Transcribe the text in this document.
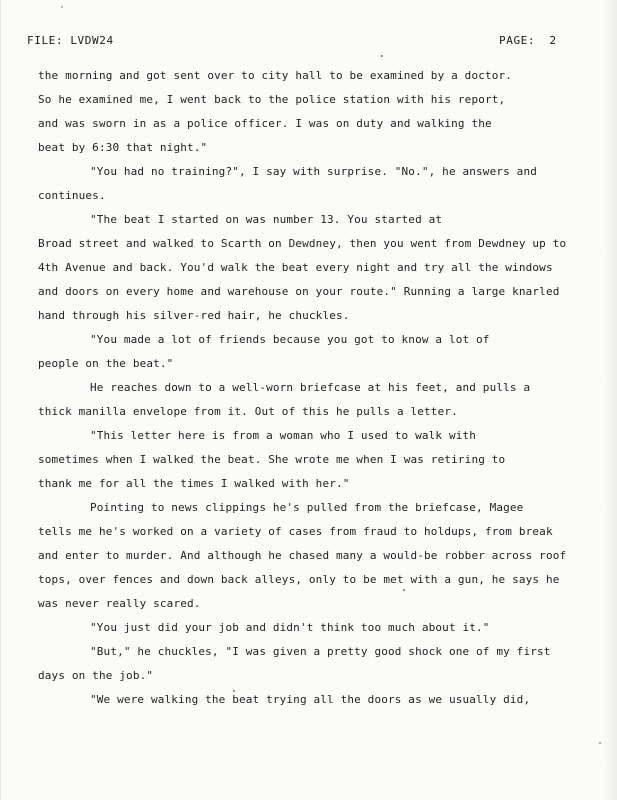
FILE: LVDW24	PAGE:  2
the morning and got sent over to city hall to be examined by a doctor.
So he examined me, I went back to the police station with his report,
and was sworn in as a police officer. I was on duty and walking the
beat by 6:30 that night."
"You had no training?", I say with surprise. "No.", he answers and
continues.
"The beat I started on was number 13. You started at
Broad street and walked to Scarth on Dewdney, then you went from Dewdney up to
4th Avenue and back. You'd walk the beat every night and try all the windows
and doors on every home and warehouse on your route." Running a large knarled
hand through his silver-red hair, he chuckles.
"You made a lot of friends because you got to know a lot of
people on the beat."
He reaches down to a well-worn briefcase at his feet, and pulls a
thick manilla envelope from it. Out of this he pulls a letter.
"This letter here is from a woman who I used to walk with
sometimes when I walked the beat. She wrote me when I was retiring to
thank me for all the times I walked with her."
Pointing to news clippings he's pulled from the briefcase, Magee
tells me he's worked on a variety of cases from fraud to holdups, from break
and enter to murder. And although he chased many a would-be robber across roof
tops, over fences and down back alleys, only to be met with a gun, he says he
was never really scared.
"You just did your job and didn't think too much about it."
"But," he chuckles, "I was given a pretty good shock one of my first
days on the job."
"We were walking the beat trying all the doors as we usually did,
